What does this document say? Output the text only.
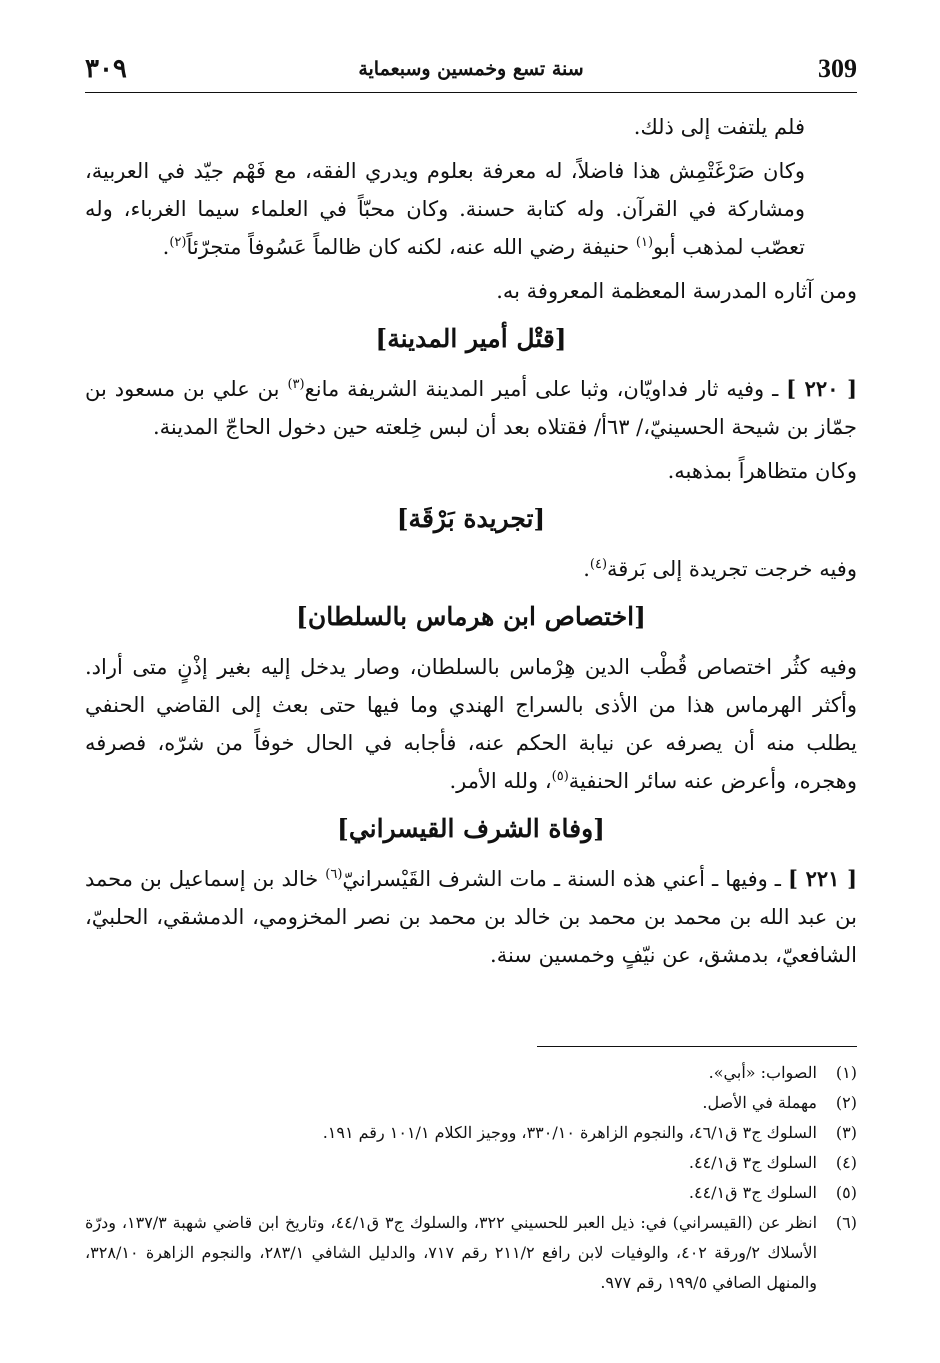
٣٠٩	سنة تسع وخمسين وسبعماية	309

فلم يلتفت إلى ذلك.

وكان صَرْغَتْمِش هذا فاضلاً، له معرفة بعلوم ويدري الفقه، مع فَهْم جيّد في العربية، ومشاركة في القرآن. وله كتابة حسنة. وكان محبّاً في العلماء سيما الغرباء، وله تعصّب لمذهب أبو$^{(١)}$ حنيفة رضي الله عنه، لكنه كان ظالماً عَسُوفاً متجرّئاً$^{(٢)}$.

ومن آثاره المدرسة المعظمة المعروفة به.

[قتْل أمير المدينة]

[ ٢٢٠ ] ـ وفيه ثار فداويّان، وثبا على أمير المدينة الشريفة مانع$^{(٣)}$ بن علي بن مسعود بن جمّاز بن شيحة الحسينيّ،/ ٦٣أ/ فقتلاه بعد أن لبس خِلعته حين دخول الحاجّ المدينة.

وكان متظاهراً بمذهبه.

[تجريدة بَرْقَة]

وفيه خرجت تجريدة إلى بَرقة$^{(٤)}$.

[اختصاص ابن هرماس بالسلطان]

وفيه كثُر اختصاص قُطْب الدين هِرْماس بالسلطان، وصار يدخل إليه بغير إذْنٍ متى أراد. وأكثر الهرماس هذا من الأذى بالسراج الهندي وما فيها حتى بعث إلى القاضي الحنفي يطلب منه أن يصرفه عن نيابة الحكم عنه، فأجابه في الحال خوفاً من شرّه، فصرفه وهجره، وأعرض عنه سائر الحنفية$^{(٥)}$، ولله الأمر.

[وفاة الشرف القيسراني]

[ ٢٢١ ] ـ وفيها ـ أعني هذه السنة ـ مات الشرف القَيْسرانيّ$^{(٦)}$ خالد بن إسماعيل بن محمد بن عبد الله بن محمد بن محمد بن خالد بن محمد بن نصر المخزومي، الدمشقي، الحلبيّ، الشافعيّ، بدمشق، عن نيّفٍ وخمسين سنة.

(١)
الصواب: «أبي».
(٢)
مهملة في الأصل.
(٣)
السلوك ج٣ ق٤٦/١، والنجوم الزاهرة ٣٣٠/١٠، ووجيز الكلام ١٠١/١ رقم ١٩١.
(٤)
السلوك ج٣ ق٤٤/١.
(٥)
السلوك ج٣ ق٤٤/١.
(٦)
انظر عن (القيسراني) في: ذيل العبر للحسيني ٣٢٢، والسلوك ج٣ ق٤٤/١، وتاريخ ابن قاضي شهبة ١٣٧/٣، ودرّة الأسلاك ٢/ورقة ٤٠٢، والوفيات لابن رافع ٢١١/٢ رقم ٧١٧، والدليل الشافي ٢٨٣/١، والنجوم الزاهرة ٣٢٨/١٠، والمنهل الصافي ١٩٩/٥ رقم ٩٧٧.
